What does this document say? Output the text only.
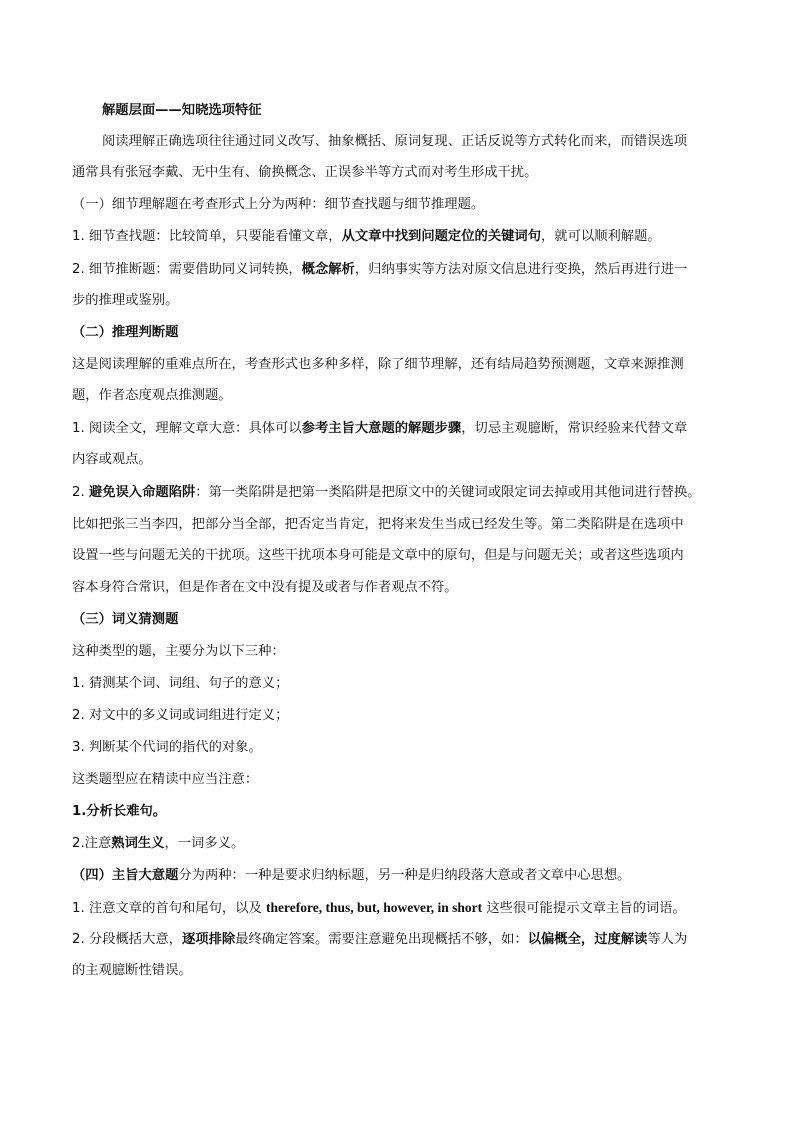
解题层面——知晓选项特征
阅读理解正确选项往往通过同义改写、抽象概括、原词复现、正话反说等方式转化而来，而错误选项
通常具有张冠李戴、无中生有、偷换概念、正误参半等方式而对考生形成干扰。
（一）细节理解题在考查形式上分为两种：细节查找题与细节推理题。
1. 细节查找题：比较简单，只要能看懂文章，从文章中找到问题定位的关键词句，就可以顺利解题。
2. 细节推断题：需要借助同义词转换，概念解析，归纳事实等方法对原文信息进行变换，然后再进行进一
步的推理或鉴别。
（二）推理判断题
这是阅读理解的重难点所在，考查形式也多种多样，除了细节理解，还有结局趋势预测题，文章来源推测
题，作者态度观点推测题。
1. 阅读全文，理解文章大意：具体可以参考主旨大意题的解题步骤，切忌主观臆断，常识经验来代替文章
内容或观点。
2. 避免误入命题陷阱：第一类陷阱是把第一类陷阱是把原文中的关键词或限定词去掉或用其他词进行替换。
比如把张三当李四，把部分当全部，把否定当肯定，把将来发生当成已经发生等。第二类陷阱是在选项中
设置一些与问题无关的干扰项。这些干扰项本身可能是文章中的原句，但是与问题无关；或者这些选项内
容本身符合常识，但是作者在文中没有提及或者与作者观点不符。
（三）词义猜测题
这种类型的题，主要分为以下三种：
1. 猜测某个词、词组、句子的意义；
2. 对文中的多义词或词组进行定义；
3. 判断某个代词的指代的对象。
这类题型应在精读中应当注意：
1.分析长难句。
2.注意熟词生义，一词多义。
（四）主旨大意题分为两种：一种是要求归纳标题，另一种是归纳段落大意或者文章中心思想。
1. 注意文章的首句和尾句，以及 therefore, thus, but, however, in short 这些很可能提示文章主旨的词语。
2. 分段概括大意，逐项排除最终确定答案。需要注意避免出现概括不够，如：以偏概全，过度解读等人为
的主观臆断性错误。
